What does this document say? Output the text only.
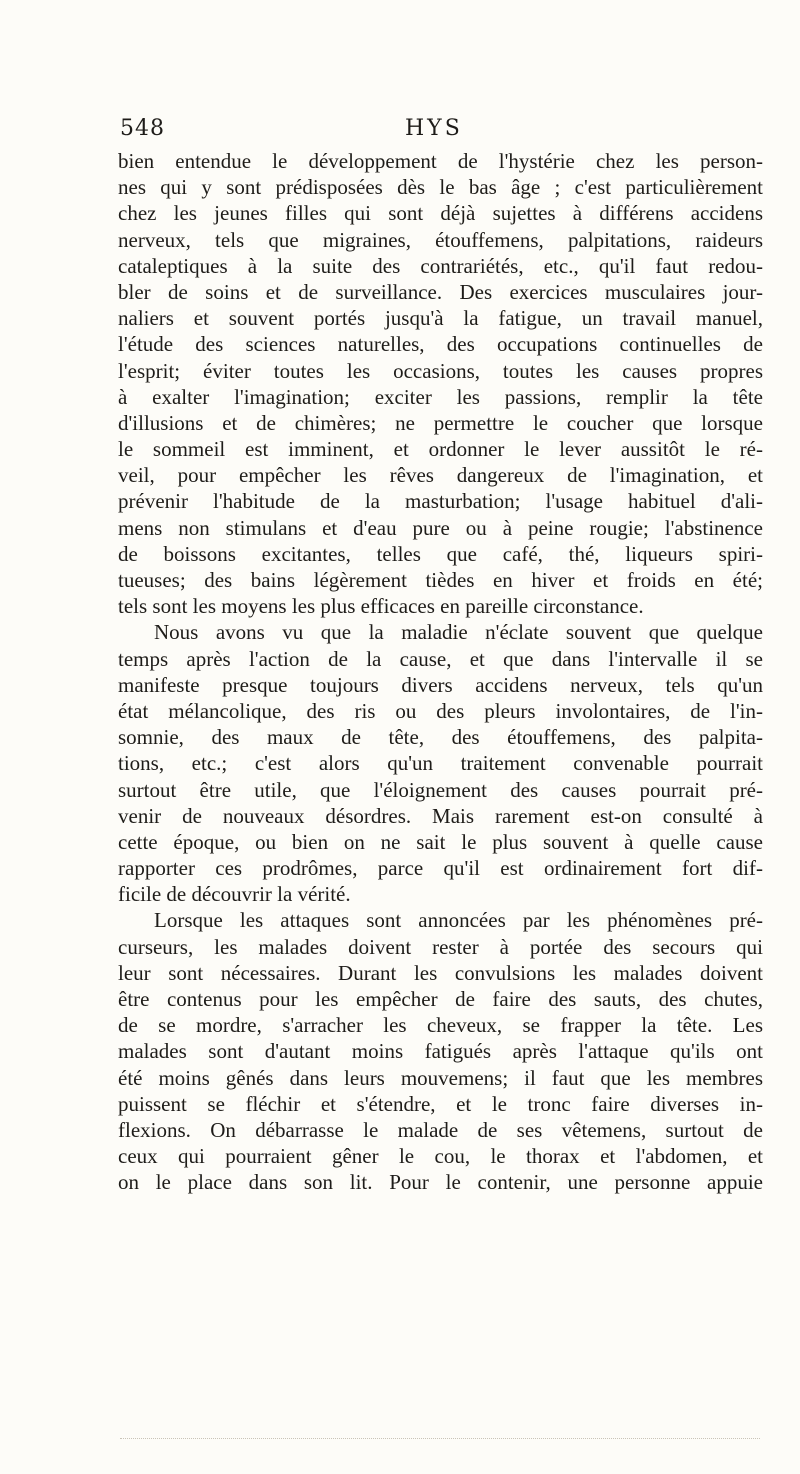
548	HYS
bien entendue le développement de l'hystérie chez les person-
nes qui y sont prédisposées dès le bas âge ; c'est particulièrement
chez les jeunes filles qui sont déjà sujettes à différens accidens
nerveux, tels que migraines, étouffemens, palpitations, raideurs
cataleptiques à la suite des contrariétés, etc., qu'il faut redou-
bler de soins et de surveillance. Des exercices musculaires jour-
naliers et souvent portés jusqu'à la fatigue, un travail manuel,
l'étude des sciences naturelles, des occupations continuelles de
l'esprit; éviter toutes les occasions, toutes les causes propres
à exalter l'imagination; exciter les passions, remplir la tête
d'illusions et de chimères; ne permettre le coucher que lorsque
le sommeil est imminent, et ordonner le lever aussitôt le ré-
veil, pour empêcher les rêves dangereux de l'imagination, et
prévenir l'habitude de la masturbation; l'usage habituel d'ali-
mens non stimulans et d'eau pure ou à peine rougie; l'abstinence
de boissons excitantes, telles que café, thé, liqueurs spiri-
tueuses; des bains légèrement tièdes en hiver et froids en été;
tels sont les moyens les plus efficaces en pareille circonstance.
Nous avons vu que la maladie n'éclate souvent que quelque
temps après l'action de la cause, et que dans l'intervalle il se
manifeste presque toujours divers accidens nerveux, tels qu'un
état mélancolique, des ris ou des pleurs involontaires, de l'in-
somnie, des maux de tête, des étouffemens, des palpita-
tions, etc.; c'est alors qu'un traitement convenable pourrait
surtout être utile, que l'éloignement des causes pourrait pré-
venir de nouveaux désordres. Mais rarement est-on consulté à
cette époque, ou bien on ne sait le plus souvent à quelle cause
rapporter ces prodrômes, parce qu'il est ordinairement fort dif-
ficile de découvrir la vérité.
Lorsque les attaques sont annoncées par les phénomènes pré-
curseurs, les malades doivent rester à portée des secours qui
leur sont nécessaires. Durant les convulsions les malades doivent
être contenus pour les empêcher de faire des sauts, des chutes,
de se mordre, s'arracher les cheveux, se frapper la tête. Les
malades sont d'autant moins fatigués après l'attaque qu'ils ont
été moins gênés dans leurs mouvemens; il faut que les membres
puissent se fléchir et s'étendre, et le tronc faire diverses in-
flexions. On débarrasse le malade de ses vêtemens, surtout de
ceux qui pourraient gêner le cou, le thorax et l'abdomen, et
on le place dans son lit. Pour le contenir, une personne appuie
